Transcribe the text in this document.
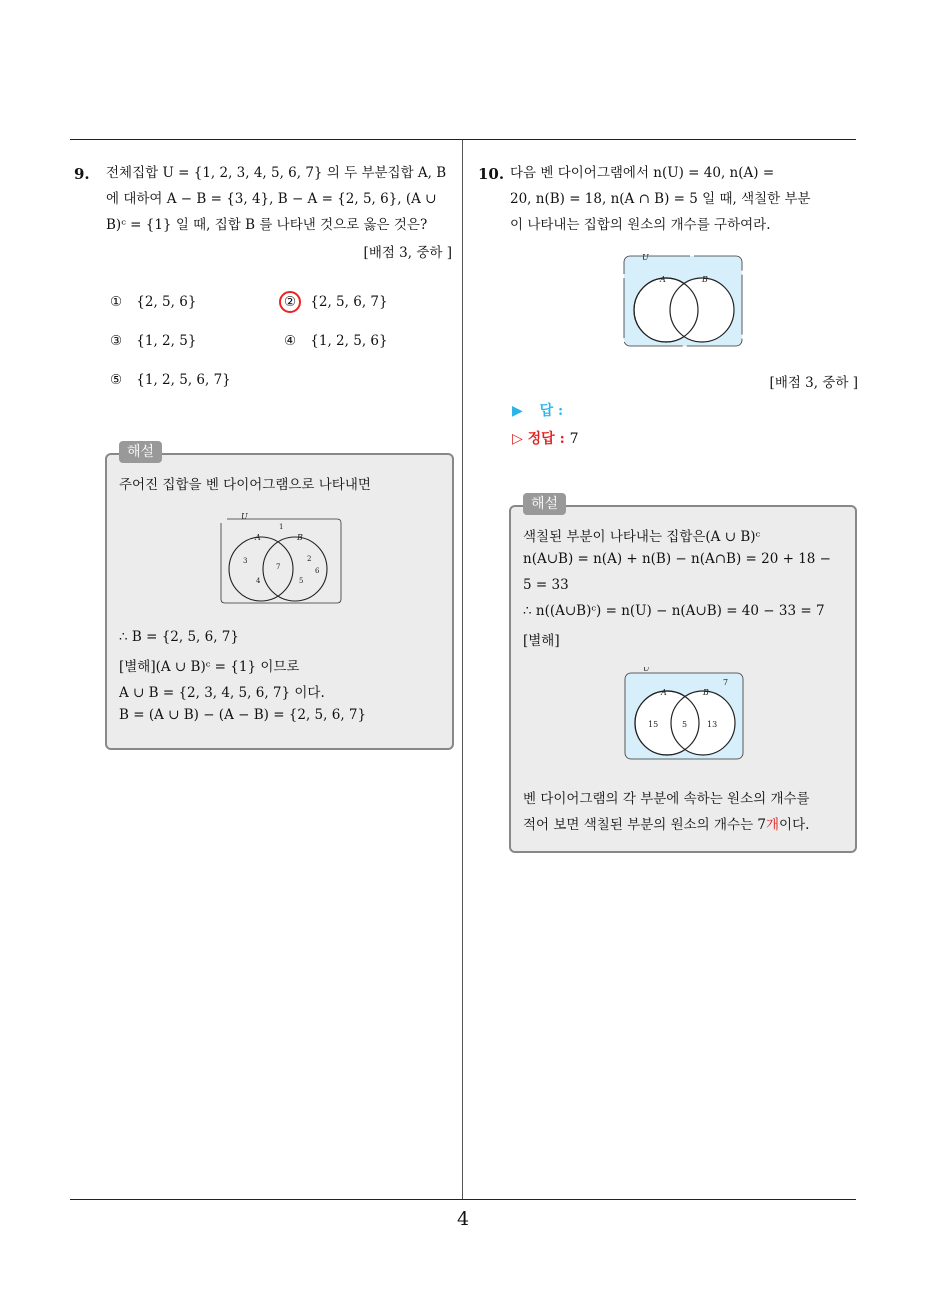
4
9. 전체집합 U = {1, 2, 3, 4, 5, 6, 7} 의 두 부분집합 A, B

에 대하여 A − B = {3, 4}, B − A = {2, 5, 6}, (A ∪

B)ᶜ = {1} 일 때, 집합 B 를 나타낸 것으로 옳은 것은?

[배점 3, 중하 ]
① {2, 5, 6}	② {2, 5, 6, 7}
③ {1, 2, 5}	④ {1, 2, 5, 6}
⑤ {1, 2, 5, 6, 7}
주어진 집합을 벤 다이어그램으로 나타내면
U
A	B
1
3
4
7
2
5
6
∴ B = {2, 5, 6, 7}
[별해](A ∪ B)ᶜ = {1} 이므로
A ∪ B = {2, 3, 4, 5, 6, 7} 이다.
B = (A ∪ B) − (A − B) = {2, 5, 6, 7}
해설
10. 다음 벤 다이어그램에서 n(U) = 40, n(A) =

20, n(B) = 18, n(A ∩ B) = 5 일 때, 색칠한 부분

이 나타내는 집합의 원소의 개수를 구하여라.

U
A	B
[배점 3, 중하 ]
▶ 답 :
▷ 정답 : 7
색칠된 부분이 나타내는 집합은(A ∪ B)ᶜ
n(A∪B) = n(A) + n(B) − n(A∩B) = 20 + 18 −
5 = 33
∴ n((A∪B)ᶜ) = n(U) − n(A∪B) = 40 − 33 = 7
[별해]
U
A	B
7
15	5 13
벤 다이어그램의 각 부분에 속하는 원소의 개수를
적어 보면 색칠된 부분의 원소의 개수는 7개이다.
해설
